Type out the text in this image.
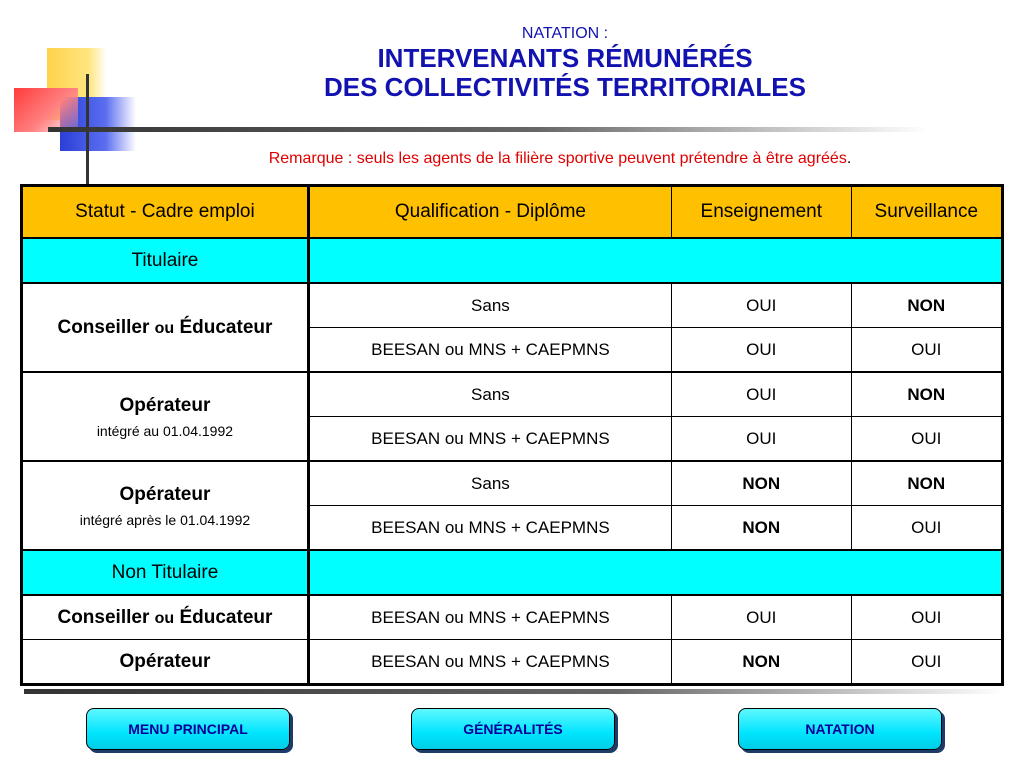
NATATION :
INTERVENANTS RÉMUNÉRÉS
DES COLLECTIVITÉS TERRITORIALES
Remarque : seuls les agents de la filière sportive peuvent prétendre à être agréés.
Statut - Cadre emploi	Qualification - Diplôme	Enseignement	Surveillance
Titulaire			
Conseiller ou Éducateur	Sans	OUI	NON
	BEESAN ou MNS + CAEPMNS	OUI	OUI
Opérateur
intégré au 01.04.1992	Sans	OUI	NON
	BEESAN ou MNS + CAEPMNS	OUI	OUI
Opérateur
intégré après le 01.04.1992	Sans	NON	NON
	BEESAN ou MNS + CAEPMNS	NON	OUI
Non Titulaire			
Conseiller ou Éducateur	BEESAN ou MNS + CAEPMNS	OUI	OUI
Opérateur	BEESAN ou MNS + CAEPMNS	NON	OUI
MENU PRINCIPAL	GÉNÉRALITÉS	NATATION
